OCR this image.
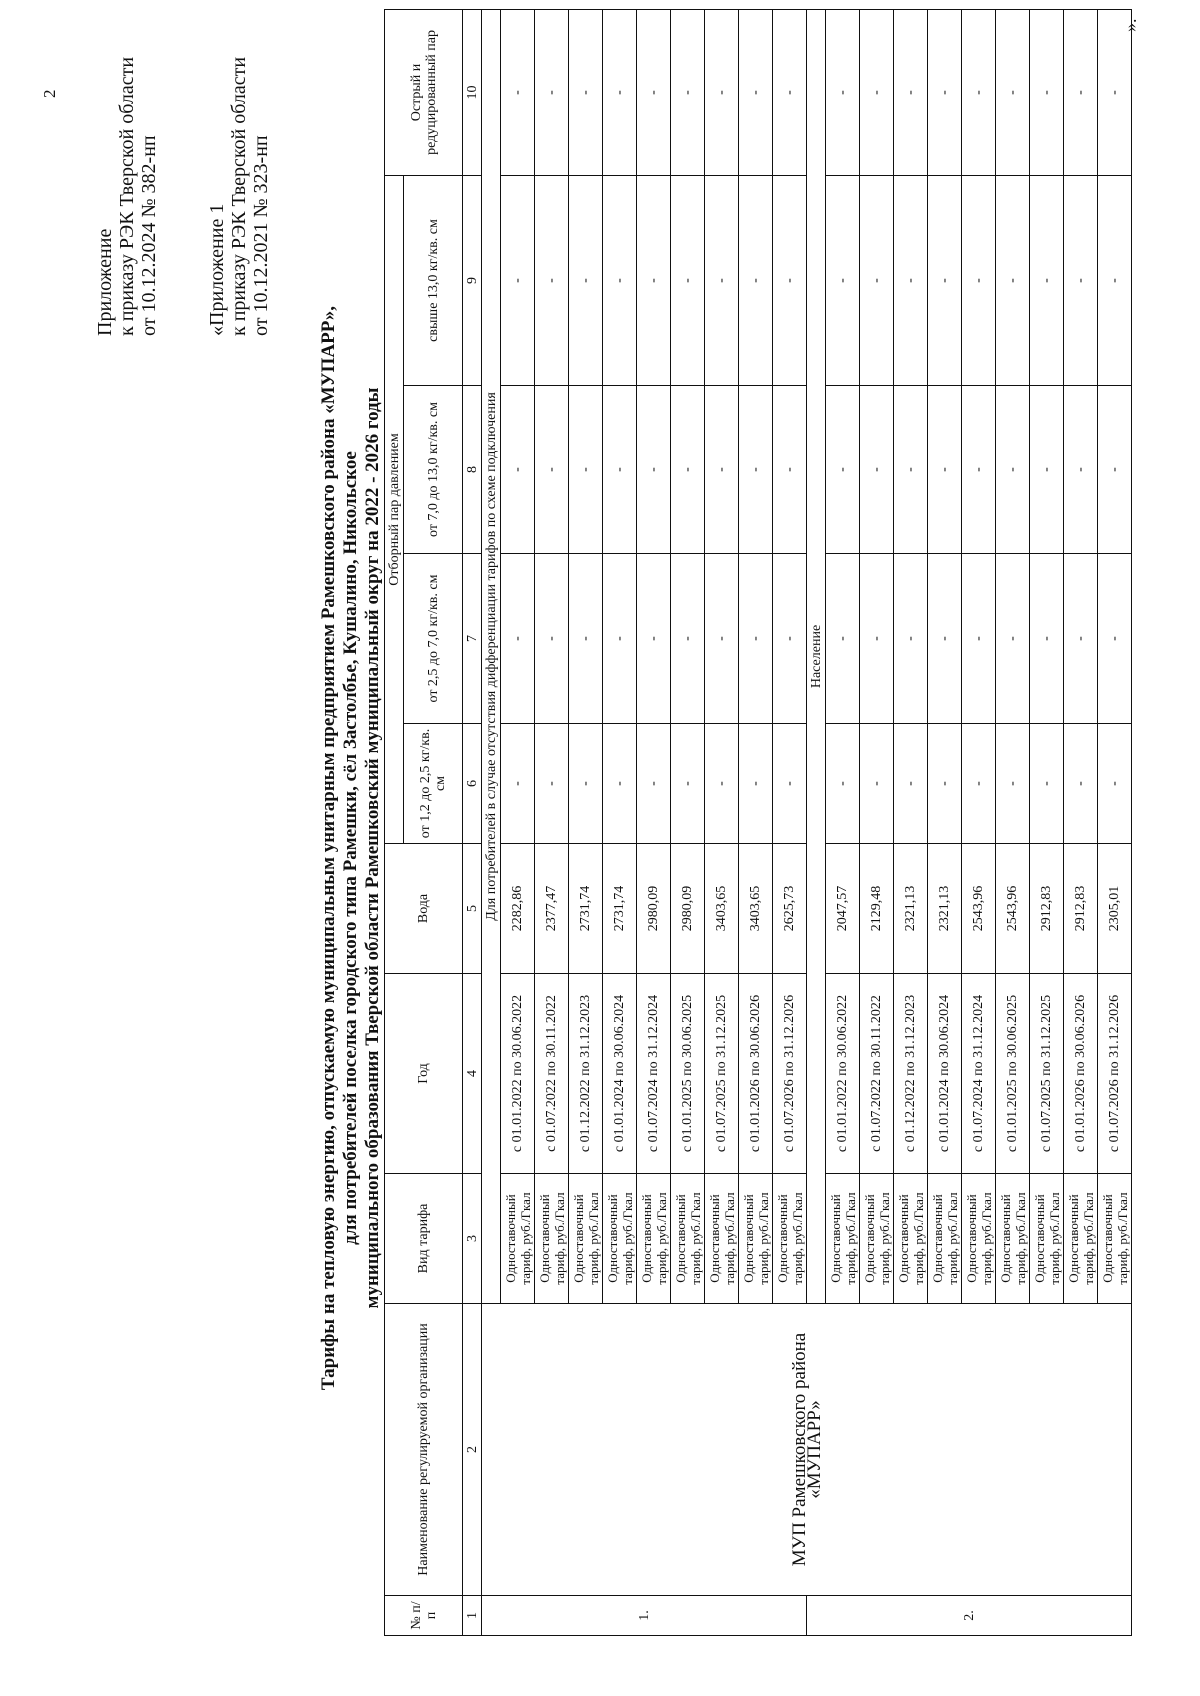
2
Приложение к приказу РЭК Тверской области от 10.12.2024 № 382-нп «Приложение 1 к приказу РЭК Тверской области от 10.12.2021 № 323-нп
Тарифы на тепловую энергию, отпускаемую муниципальным унитарным предприятием Рамешковского района «МУПАРР», для потребителей поселка городского типа Рамешки, сёл Застолбье, Кушалино, Никольское муниципального образования Тверской области Рамешковский муниципальный округ на 2022 - 2026 годы
№ п/п	Наименование регулируемой организации	Вид тарифа	Год	Вода	Отборный пар давлением				Острый и редуцированный пар
					от 1,2 до 2,5 кг/кв. см	от 2,5 до 7,0 кг/кв. см	от 7,0 до 13,0 кг/кв. см	свыше 13,0 кг/кв. см	
1	2	3	4	5	6	7	8	9	10
1.	МУП Рамешковского района «МУПАРР»	Для потребителей в случае отсутствия дифференциации тарифов по схеме подключения							
		Одноставочный тариф, руб./Гкал	с 01.01.2022 по 30.06.2022	2282,86	-	-	-	-	-
		Одноставочный тариф, руб./Гкал	с 01.07.2022 по 30.11.2022	2377,47	-	-	-	-	-
		Одноставочный тариф, руб./Гкал	с 01.12.2022 по 31.12.2023	2731,74	-	-	-	-	-
		Одноставочный тариф, руб./Гкал	с 01.01.2024 по 30.06.2024	2731,74	-	-	-	-	-
		Одноставочный тариф, руб./Гкал	с 01.07.2024 по 31.12.2024	2980,09	-	-	-	-	-
		Одноставочный тариф, руб./Гкал	с 01.01.2025 по 30.06.2025	2980,09	-	-	-	-	-
		Одноставочный тариф, руб./Гкал	с 01.07.2025 по 31.12.2025	3403,65	-	-	-	-	-
		Одноставочный тариф, руб./Гкал	с 01.01.2026 по 30.06.2026	3403,65	-	-	-	-	-
		Одноставочный тариф, руб./Гкал	с 01.07.2026 по 31.12.2026	2625,73	-	-	-	-	-
2.		Население							
		Одноставочный тариф, руб./Гкал	с 01.01.2022 по 30.06.2022	2047,57	-	-	-	-	-
		Одноставочный тариф, руб./Гкал	с 01.07.2022 по 30.11.2022	2129,48	-	-	-	-	-
		Одноставочный тариф, руб./Гкал	с 01.12.2022 по 31.12.2023	2321,13	-	-	-	-	-
		Одноставочный тариф, руб./Гкал	с 01.01.2024 по 30.06.2024	2321,13	-	-	-	-	-
		Одноставочный тариф, руб./Гкал	с 01.07.2024 по 31.12.2024	2543,96	-	-	-	-	-
		Одноставочный тариф, руб./Гкал	с 01.01.2025 по 30.06.2025	2543,96	-	-	-	-	-
		Одноставочный тариф, руб./Гкал	с 01.07.2025 по 31.12.2025	2912,83	-	-	-	-	-
		Одноставочный тариф, руб./Гкал	с 01.01.2026 по 30.06.2026	2912,83	-	-	-	-	-
		Одноставочный тариф, руб./Гкал	с 01.07.2026 по 31.12.2026	2305,01	-	-	-	-	-
».
